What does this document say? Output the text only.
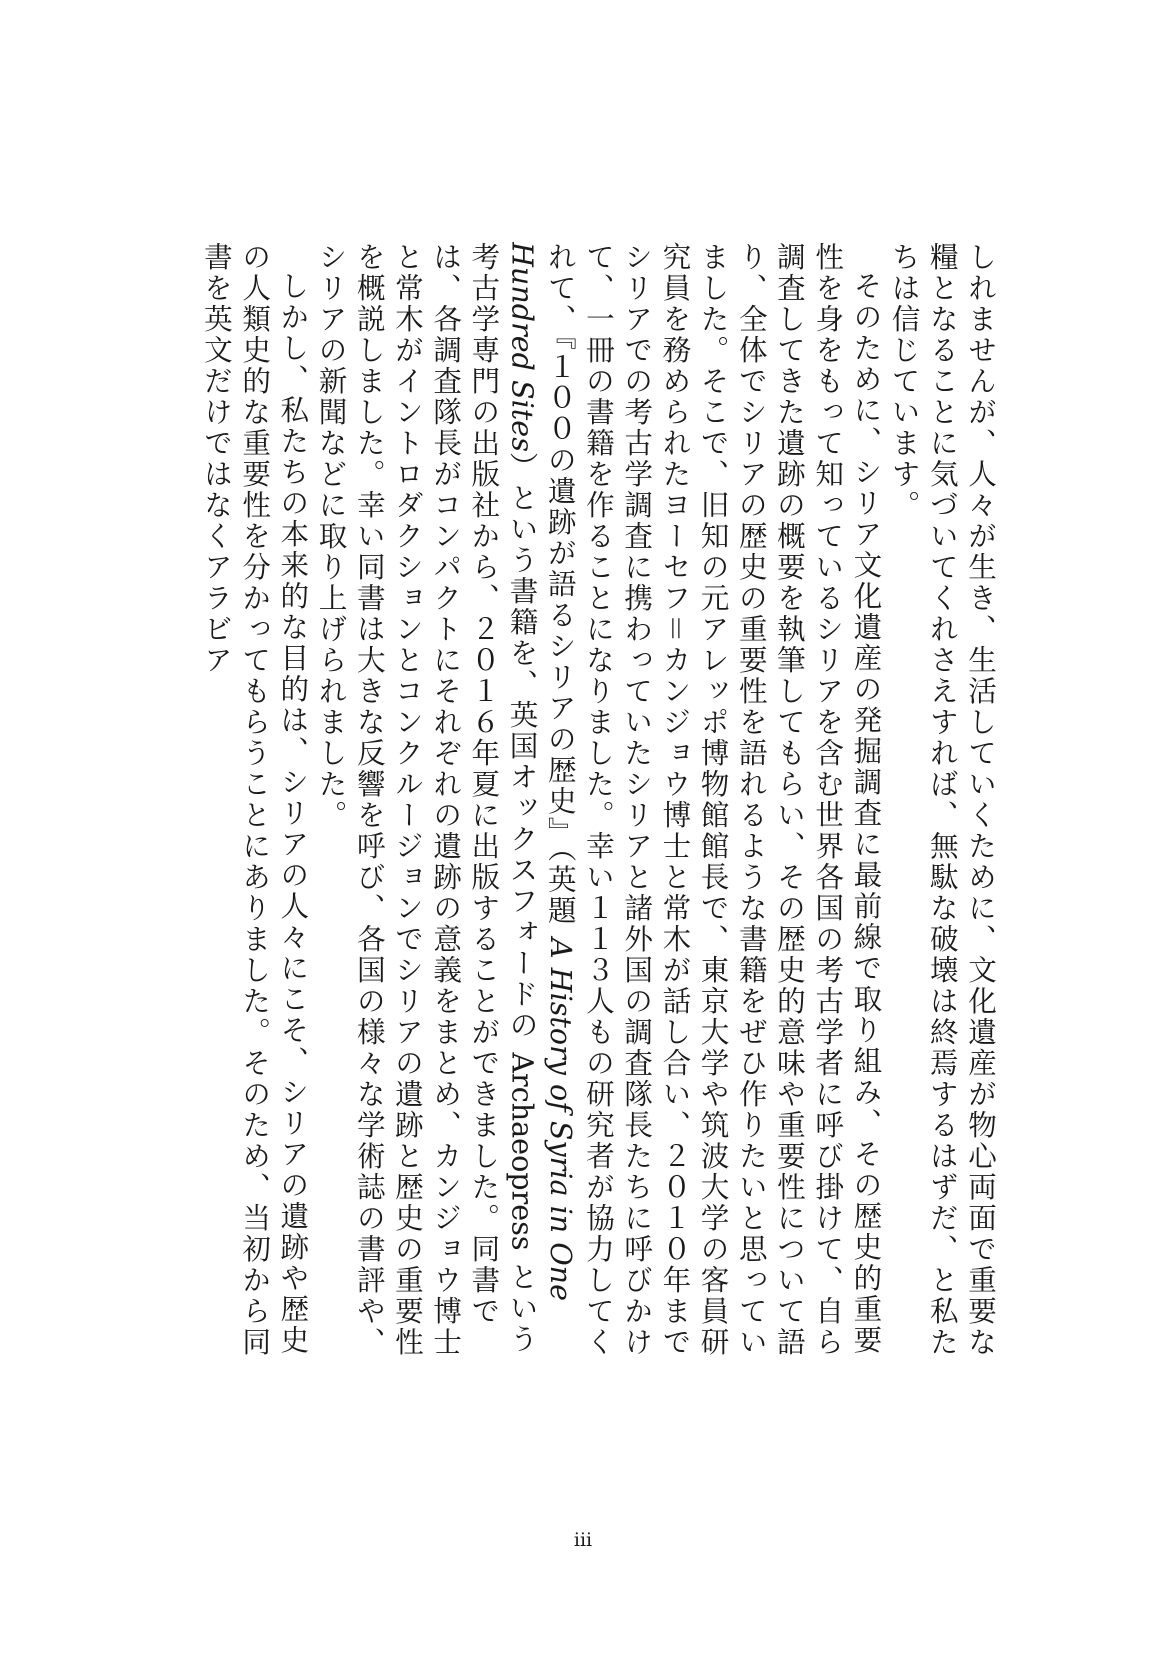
しれませんが、人々が生き、生活していくために、文化遺産が物心両面で重要な糧となることに気づいてくれさえすれば、無駄な破壊は終焉するはずだ、と私たちは信じています。

そのために、シリア文化遺産の発掘調査に最前線で取り組み、その歴史的重要性を身をもって知っているシリアを含む世界各国の考古学者に呼び掛けて、自ら調査してきた遺跡の概要を執筆してもらい、その歴史的意味や重要性について語り、全体でシリアの歴史の重要性を語れるような書籍をぜひ作りたいと思っていました。そこで、旧知の元アレッポ博物館館長で、東京大学や筑波大学の客員研究員を務められたヨーセフ＝カンジョウ博士と常木が話し合い、２０１０年までシリアでの考古学調査に携わっていたシリアと諸外国の調査隊長たちに呼びかけて、一冊の書籍を作ることになりました。幸い１１３人もの研究者が協力してくれて、『１００の遺跡が語るシリアの歴史』（英題 A History of Syria in One Hundred Sites）という書籍を、英国オックスフォードの Archaeopress という考古学専門の出版社から、２０１６年夏に出版することができました。同書では、各調査隊長がコンパクトにそれぞれの遺跡の意義をまとめ、カンジョウ博士と常木がイントロダクションとコンクルージョンでシリアの遺跡と歴史の重要性を概説しました。幸い同書は大きな反響を呼び、各国の様々な学術誌の書評や、シリアの新聞などに取り上げられました。

しかし、私たちの本来的な目的は、シリアの人々にこそ、シリアの遺跡や歴史の人類史的な重要性を分かってもらうことにありました。そのため、当初から同書を英文だけではなくアラビア

iii
